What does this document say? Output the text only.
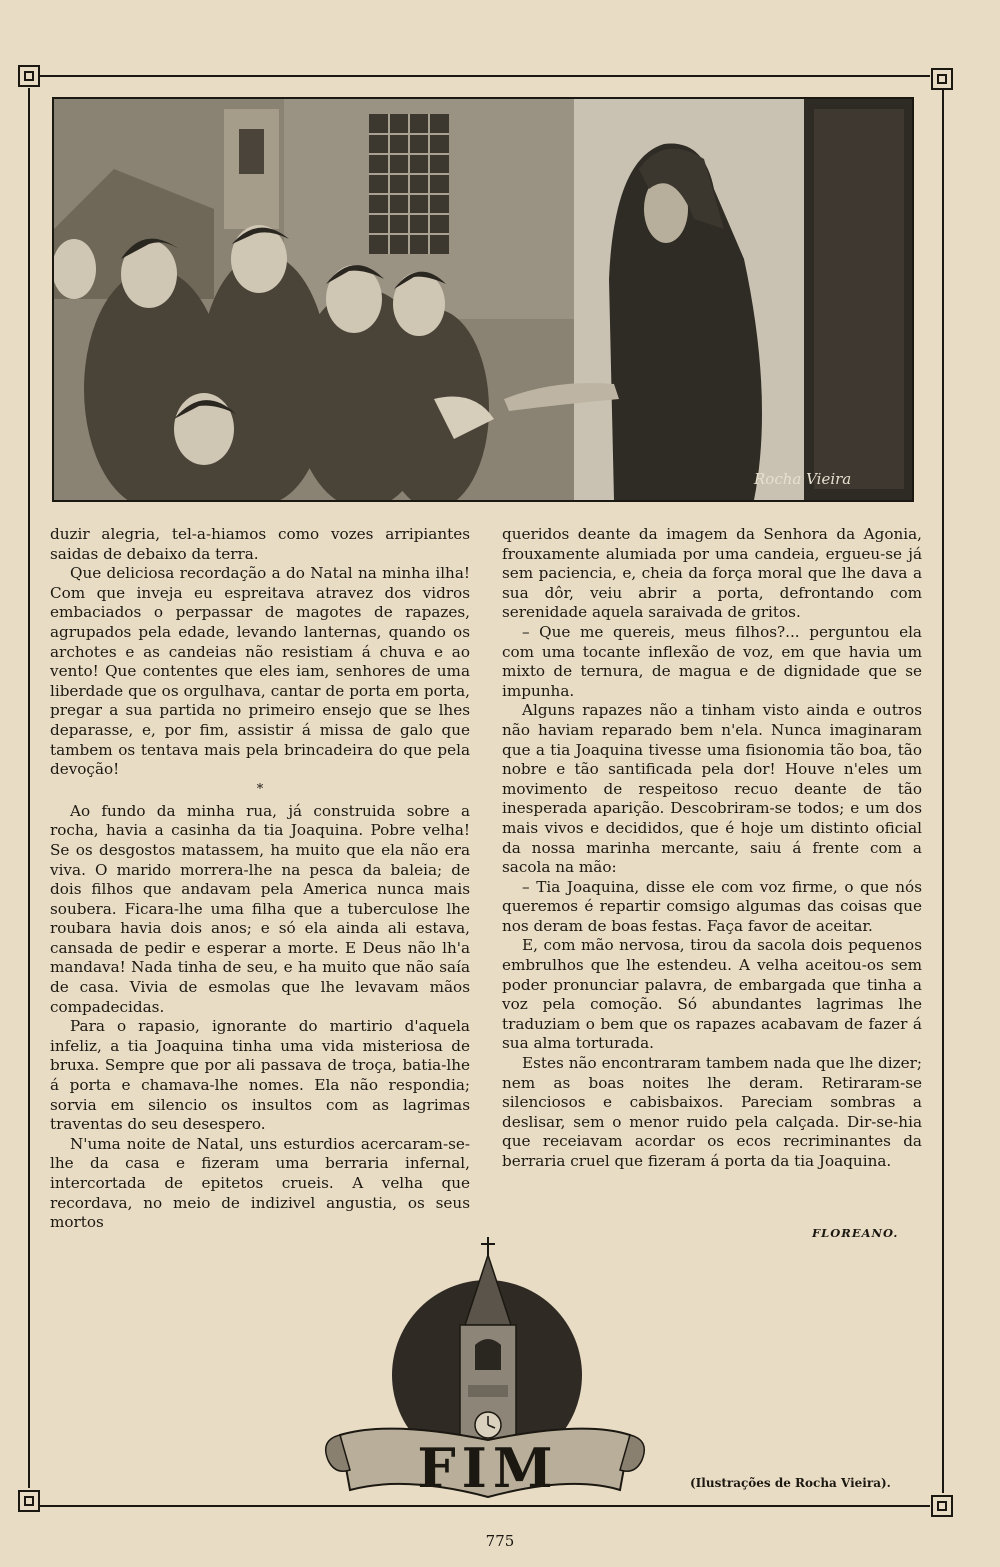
Rocha Vieira

duzir alegria, tel-a-hiamos como vozes arripiantes saidas de debaixo da terra.

Que deliciosa recordação a do Natal na minha ilha! Com que inveja eu espreitava atravez dos vidros embaciados o perpassar de magotes de rapazes, agrupados pela edade, levando lanternas, quando os archotes e as candeias não resistiam á chuva e ao vento! Que contentes que eles iam, senhores de uma liberdade que os orgulhava, cantar de porta em porta, pregar a sua partida no primeiro ensejo que se lhes deparasse, e, por fim, assistir á missa de galo que tambem os tentava mais pela brincadeira do que pela devoção!

*

Ao fundo da minha rua, já construida sobre a rocha, havia a casinha da tia Joaquina. Pobre velha! Se os desgostos matassem, ha muito que ela não era viva. O marido morrera-lhe na pesca da baleia; de dois filhos que andavam pela America nunca mais soubera. Ficara-lhe uma filha que a tuberculose lhe roubara havia dois anos; e só ela ainda ali estava, cansada de pedir e esperar a morte. E Deus não lh'a mandava! Nada tinha de seu, e ha muito que não saía de casa. Vivia de esmolas que lhe levavam mãos compadecidas.

Para o rapasio, ignorante do martirio d'aquela infeliz, a tia Joaquina tinha uma vida misteriosa de bruxa. Sempre que por ali passava de troça, batia-lhe á porta e chamava-lhe nomes. Ela não respondia; sorvia em silencio os insultos com as lagrimas traventas do seu desespero.

N'uma noite de Natal, uns esturdios acercaram-se-lhe da casa e fizeram uma berraria infernal, intercortada de epitetos crueis. A velha que recordava, no meio de indizivel angustia, os seus mortos

queridos deante da imagem da Senhora da Agonia, frouxamente alumiada por uma candeia, ergueu-se já sem paciencia, e, cheia da força moral que lhe dava a sua dôr, veiu abrir a porta, defrontando com serenidade aquela saraivada de gritos.

– Que me quereis, meus filhos?... perguntou ela com uma tocante inflexão de voz, em que havia um mixto de ternura, de magua e de dignidade que se impunha.

Alguns rapazes não a tinham visto ainda e outros não haviam reparado bem n'ela. Nunca imaginaram que a tia Joaquina tivesse uma fisionomia tão boa, tão nobre e tão santificada pela dor! Houve n'eles um movimento de respeitoso recuo deante de tão inesperada aparição. Descobriram-se todos; e um dos mais vivos e decididos, que é hoje um distinto oficial da nossa marinha mercante, saiu á frente com a sacola na mão:

– Tia Joaquina, disse ele com voz firme, o que nós queremos é repartir comsigo algumas das coisas que nos deram de boas festas. Faça favor de aceitar.

E, com mão nervosa, tirou da sacola dois pequenos embrulhos que lhe estendeu. A velha aceitou-os sem poder pronunciar palavra, de embargada que tinha a voz pela comoção. Só abundantes lagrimas lhe traduziam o bem que os rapazes acabavam de fazer á sua alma torturada.

Estes não encontraram tambem nada que lhe dizer; nem as boas noites lhe deram. Retiraram-se silenciosos e cabisbaixos. Pareciam sombras a deslisar, sem o menor ruido pela calçada. Dir-se-hia que receiavam acordar os ecos recriminantes da berraria cruel que fizeram á porta da tia Joaquina.

FLOREANO.
FIM	(Ilustrações de Rocha Vieira).
775
